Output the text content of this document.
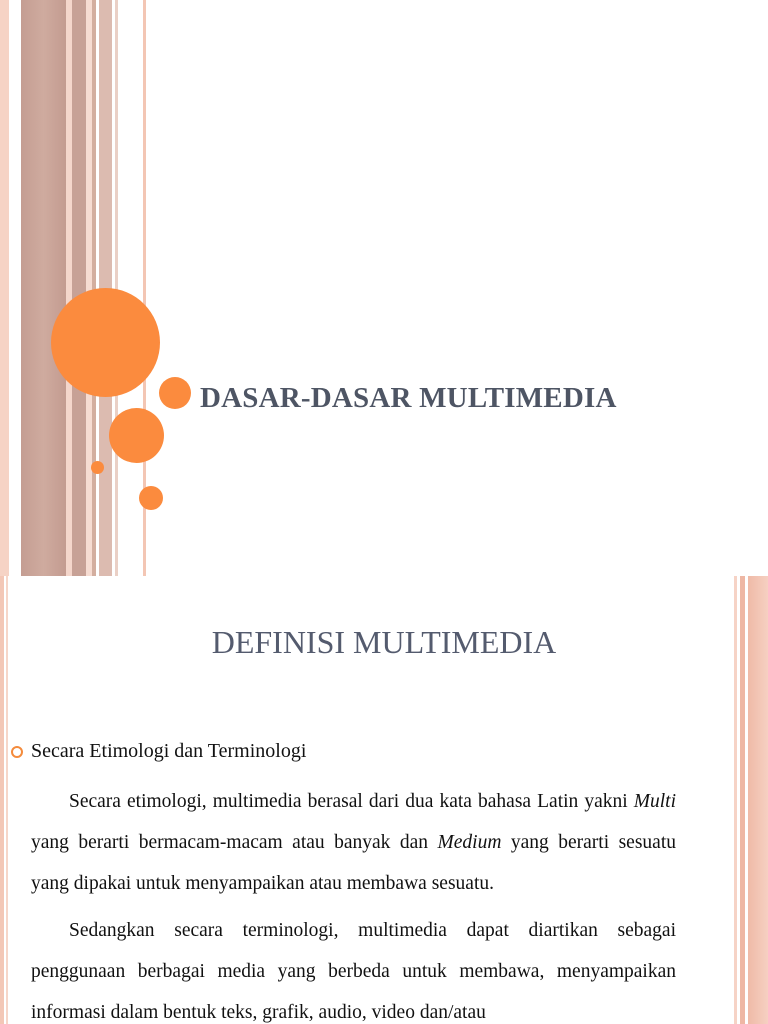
DASAR-DASAR MULTIMEDIA
DEFINISI MULTIMEDIA
Secara Etimologi dan Terminologi
Secara etimologi, multimedia berasal dari dua kata bahasa Latin yakni Multi yang berarti bermacam-macam atau banyak dan Medium yang berarti sesuatu yang dipakai untuk menyampaikan atau membawa sesuatu.
Sedangkan secara terminologi, multimedia dapat diartikan sebagai penggunaan berbagai media yang berbeda untuk membawa, menyampaikan informasi dalam bentuk teks, grafik, audio, video dan/atau
